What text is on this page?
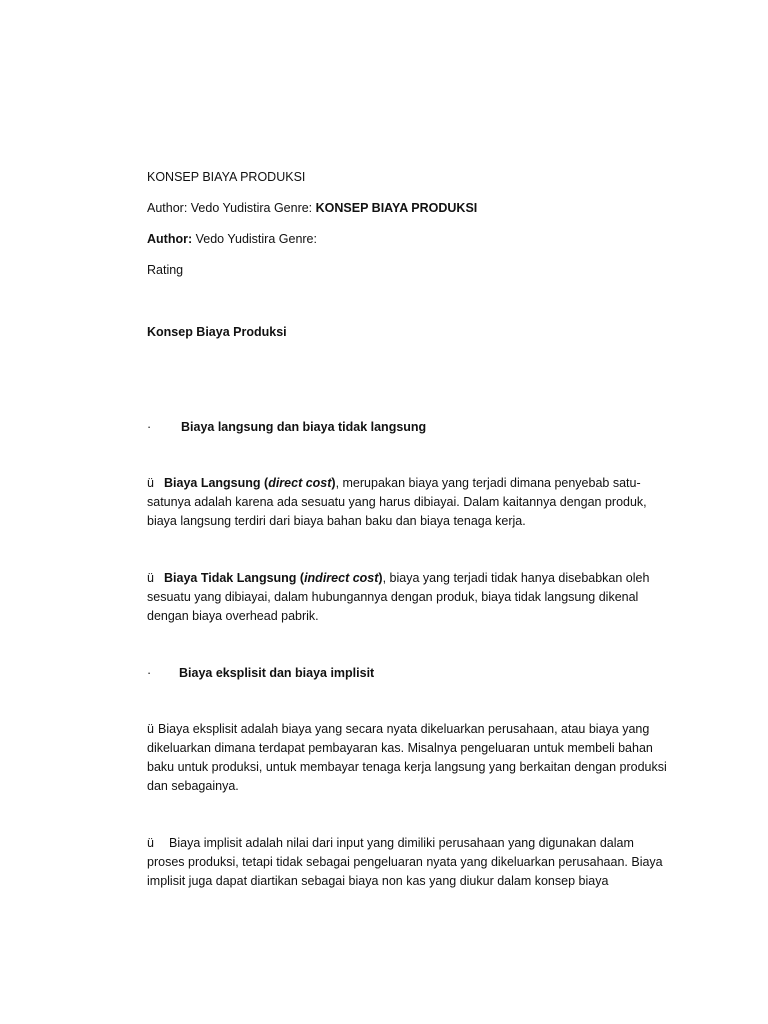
KONSEP BIAYA PRODUKSI

Author: Vedo Yudistira Genre: KONSEP BIAYA PRODUKSI

Author: Vedo Yudistira Genre:

Rating

Konsep Biaya Produksi

·	Biaya langsung dan biaya tidak langsung

ü Biaya Langsung (direct cost), merupakan biaya yang terjadi dimana penyebab satu-satunya adalah karena ada sesuatu yang harus dibiayai. Dalam kaitannya dengan produk, biaya langsung terdiri dari biaya bahan baku dan biaya tenaga kerja.

ü Biaya Tidak Langsung (indirect cost), biaya yang terjadi tidak hanya disebabkan oleh sesuatu yang dibiayai, dalam hubungannya dengan produk, biaya tidak langsung dikenal dengan biaya overhead pabrik.

·	Biaya eksplisit dan biaya implisit

ü Biaya eksplisit adalah biaya yang secara nyata dikeluarkan perusahaan, atau biaya yang dikeluarkan dimana terdapat pembayaran kas. Misalnya pengeluaran untuk membeli bahan baku untuk produksi, untuk membayar tenaga kerja langsung yang berkaitan dengan produksi dan sebagainya.

ü Biaya implisit adalah nilai dari input yang dimiliki perusahaan yang digunakan dalam proses produksi, tetapi tidak sebagai pengeluaran nyata yang dikeluarkan perusahaan. Biaya implisit juga dapat diartikan sebagai biaya non kas yang diukur dalam konsep biaya
